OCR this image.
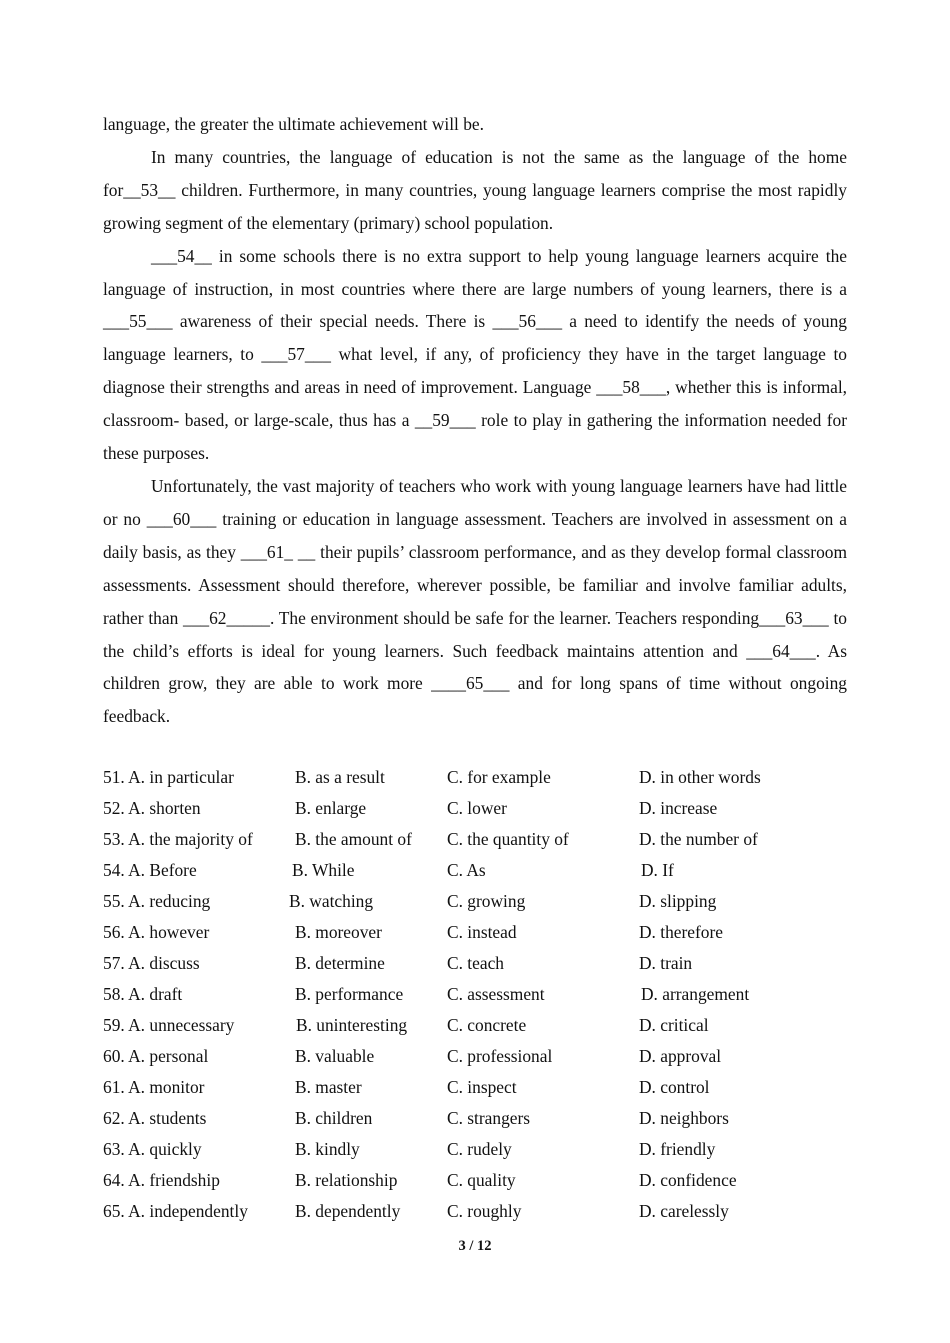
language, the greater the ultimate achievement will be.

In many countries, the language of education is not the same as the language of the home for__53__ children. Furthermore, in many countries, young language learners comprise the most rapidly growing segment of the elementary (primary) school population.

___54__ in some schools there is no extra support to help young language learners acquire the language of instruction, in most countries where there are large numbers of young learners, there is a ___55___ awareness of their special needs. There is ___56___ a need to identify the needs of young language learners, to ___57___ what level, if any, of proficiency they have in the target language to diagnose their strengths and areas in need of improvement. Language ___58___, whether this is informal, classroom- based, or large-scale, thus has a __59___ role to play in gathering the information needed for these purposes.

Unfortunately, the vast majority of teachers who work with young language learners have had little or no ___60___ training or education in language assessment. Teachers are involved in assessment on a daily basis, as they ___61_ __ their pupils’ classroom performance, and as they develop formal classroom assessments. Assessment should therefore, wherever possible, be familiar and involve familiar adults, rather than ___62_____. The environment should be safe for the learner. Teachers responding___63___ to the child’s efforts is ideal for young learners. Such feedback maintains attention and ___64___. As children grow, they are able to work more ____65___ and for long spans of time without ongoing feedback.

51. A. in particular	B. as a result	C. for example	D. in other words
52. A. shorten	B. enlarge	C. lower	D. increase
53. A. the majority of B. the amount of C. the quantity of	D. the number of
54. A. Before	B. While	C. As	D. If
55. A. reducing	B. watching	C. growing	D. slipping
56. A. however	B. moreover	C. instead	D. therefore
57. A. discuss	B. determine	C. teach	D. train
58. A. draft	B. performance	C. assessment	D. arrangement
59. A. unnecessary	B. uninteresting C. concrete	D. critical
60. A. personal	B. valuable	C. professional	D. approval
61. A. monitor	B. master	C. inspect	D. control
62. A. students	B. children	C. strangers	D. neighbors
63. A. quickly	B. kindly	C. rudely	D. friendly
64. A. friendship	B. relationship	C. quality	D. confidence
65. A. independently	B. dependently	C. roughly	D. carelessly
3 / 12
